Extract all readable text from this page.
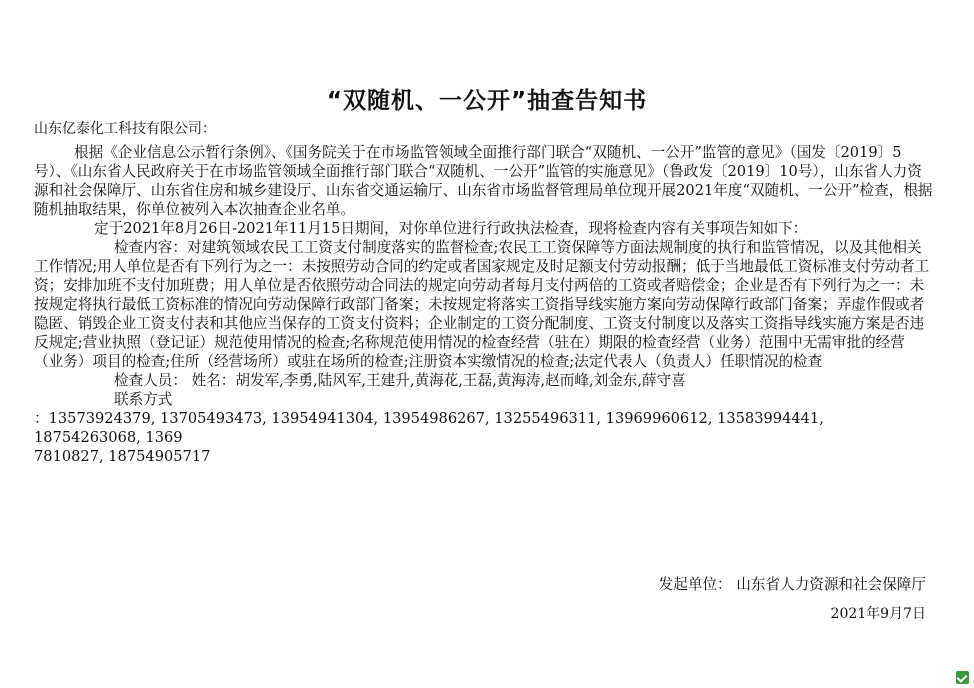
“双随机、一公开”抽查告知书

山东亿泰化工科技有限公司：

根据《企业信息公示暂行条例》、《国务院关于在市场监管领域全面推行部门联合“双随机、一公开”监管的意见》（国发〔2019〕5号）、《山东省人民政府关于在市场监管领域全面推行部门联合“双随机、一公开”监管的实施意见》（鲁政发〔2019〕10号），山东省人力资源和社会保障厅、山东省住房和城乡建设厅、山东省交通运输厅、山东省市场监督管理局单位现开展2021年度“双随机、一公开”检查，根据随机抽取结果，你单位被列入本次抽查企业名单。

定于2021年8月26日-2021年11月15日期间，对你单位进行行政执法检查，现将检查内容有关事项告知如下：

检查内容：对建筑领域农民工工资支付制度落实的监督检查;农民工工资保障等方面法规制度的执行和监管情况，以及其他相关工作情况;用人单位是否有下列行为之一：未按照劳动合同的约定或者国家规定及时足额支付劳动报酬；低于当地最低工资标准支付劳动者工资；安排加班不支付加班费；用人单位是否依照劳动合同法的规定向劳动者每月支付两倍的工资或者赔偿金；企业是否有下列行为之一：未按规定将执行最低工资标准的情况向劳动保障行政部门备案；未按规定将落实工资指导线实施方案向劳动保障行政部门备案；弄虚作假或者隐匿、销毁企业工资支付表和其他应当保存的工资支付资料；企业制定的工资分配制度、工资支付制度以及落实工资指导线实施方案是否违反规定;营业执照（登记证）规范使用情况的检查;名称规范使用情况的检查经营（驻在）期限的检查经营（业务）范围中无需审批的经营（业务）项目的检查;住所（经营场所）或驻在场所的检查;注册资本实缴情况的检查;法定代表人（负责人）任职情况的检查

检查人员： 姓名：胡发军,李勇,陆风军,王建升,黄海花,王磊,黄海涛,赵而峰,刘金东,薛守喜

联系方式

：13573924379, 13705493473, 13954941304, 13954986267, 13255496311, 13969960612, 13583994441, 18754263068, 1369

7810827, 18754905717

发起单位： 山东省人力资源和社会保障厅
2021年9月7日
